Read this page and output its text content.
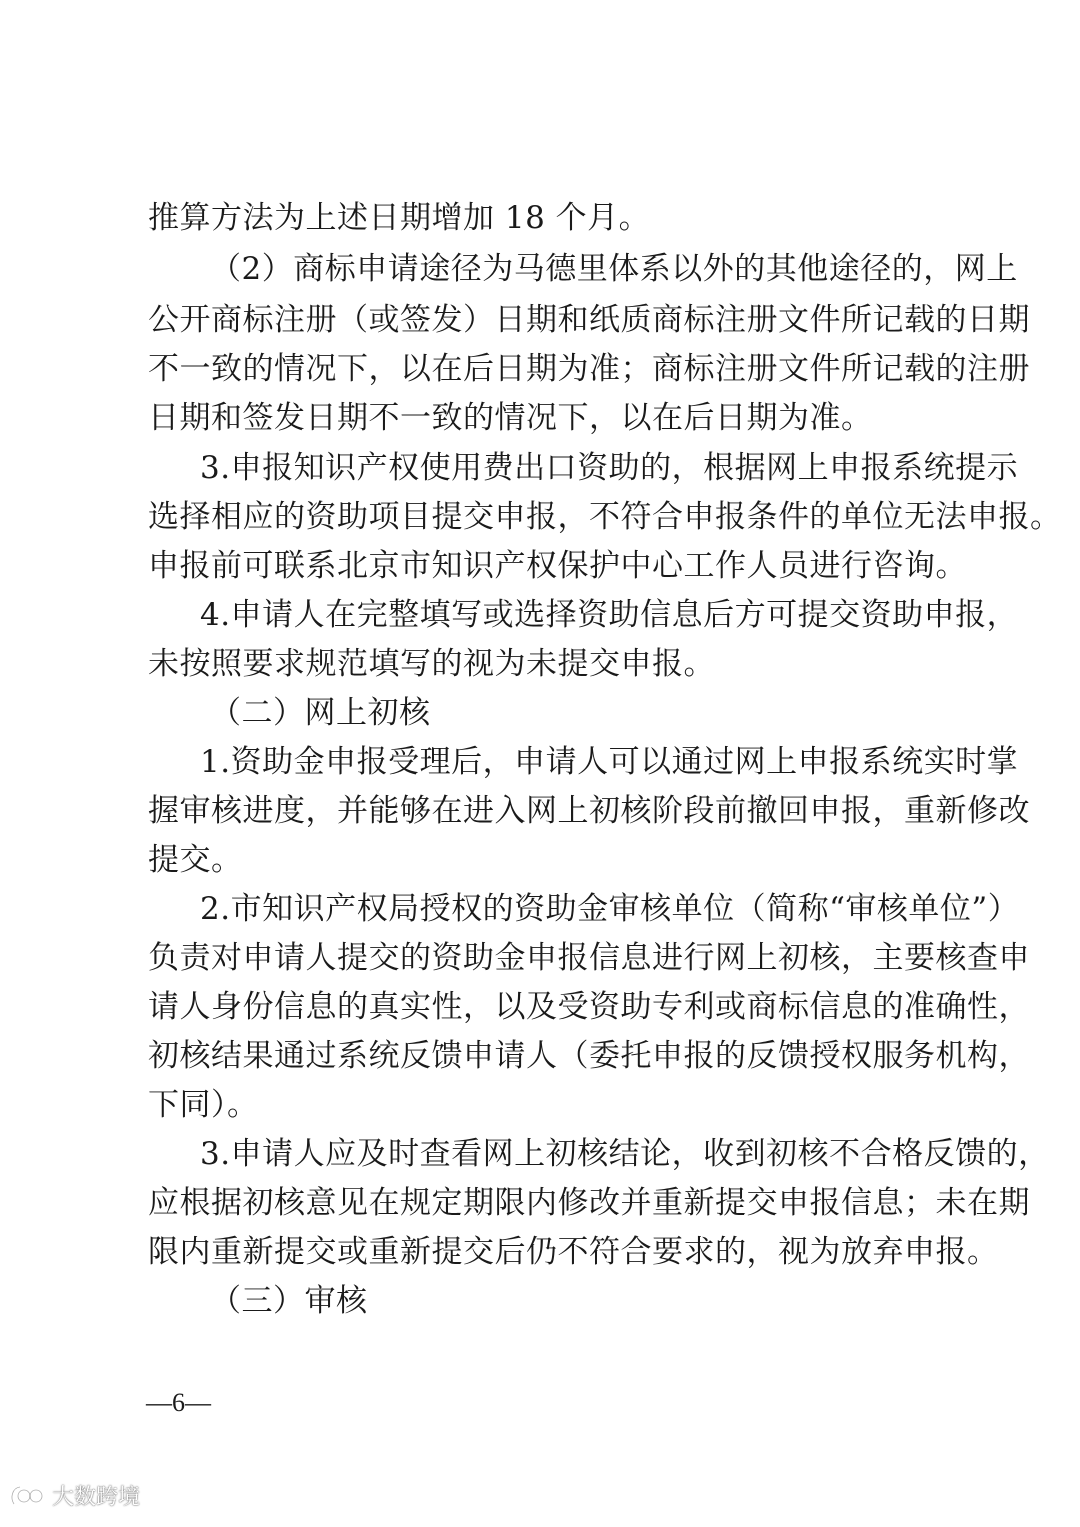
推算方法为上述日期增加 18 个月。
（2）商标申请途径为马德里体系以外的其他途径的，网上
公开商标注册（或签发）日期和纸质商标注册文件所记载的日期
不一致的情况下，以在后日期为准；商标注册文件所记载的注册
日期和签发日期不一致的情况下，以在后日期为准。
3.申报知识产权使用费出口资助的，根据网上申报系统提示
选择相应的资助项目提交申报，不符合申报条件的单位无法申报。
申报前可联系北京市知识产权保护中心工作人员进行咨询。
4.申请人在完整填写或选择资助信息后方可提交资助申报，
未按照要求规范填写的视为未提交申报。
（二）网上初核
1.资助金申报受理后，申请人可以通过网上申报系统实时掌
握审核进度，并能够在进入网上初核阶段前撤回申报，重新修改
提交。
2.市知识产权局授权的资助金审核单位（简称“审核单位”）
负责对申请人提交的资助金申报信息进行网上初核，主要核查申
请人身份信息的真实性，以及受资助专利或商标信息的准确性，
初核结果通过系统反馈申请人（委托申报的反馈授权服务机构，
下同）。
3.申请人应及时查看网上初核结论，收到初核不合格反馈的，
应根据初核意见在规定期限内修改并重新提交申报信息；未在期
限内重新提交或重新提交后仍不符合要求的，视为放弃申报。
（三）审核
—6—
大数跨境
